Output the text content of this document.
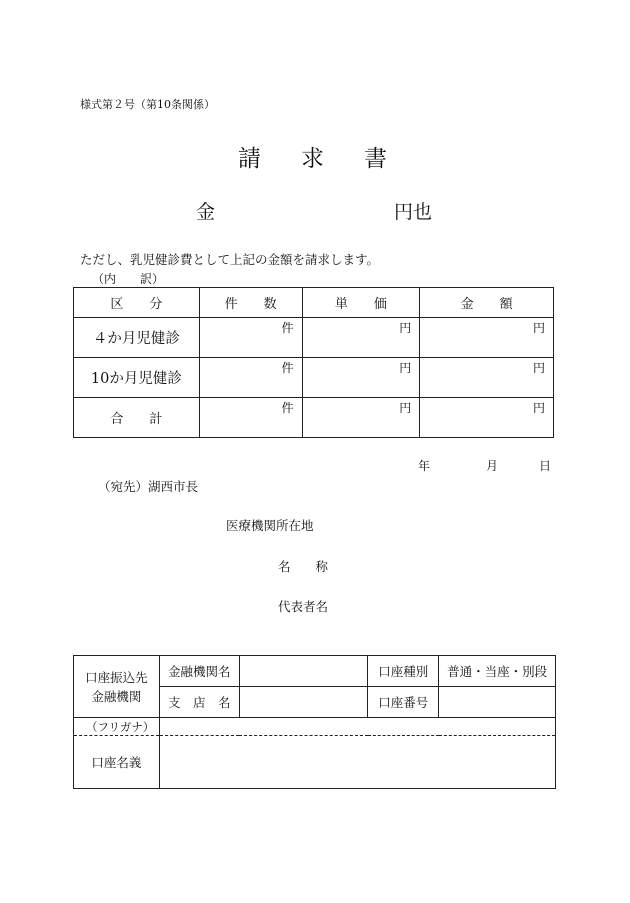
様式第２号（第10条関係）
請 求 書
金	円也
ただし、乳児健診費として上記の金額を請求します。
（内　　訳）
区　　分	件　　数	単　　価	金　　額
４か月児健診	件	円	円
10か月児健診	件	円	円
合　　計	件	円	円
年	月	日
（宛先）湖西市長
医療機関所在地
名　　称
代表者名
口座振込先
金融機関	金融機関名		口座種別	普通・当座・別段
	支　店　名		口座番号	
（フリガナ）				
口座名義				
